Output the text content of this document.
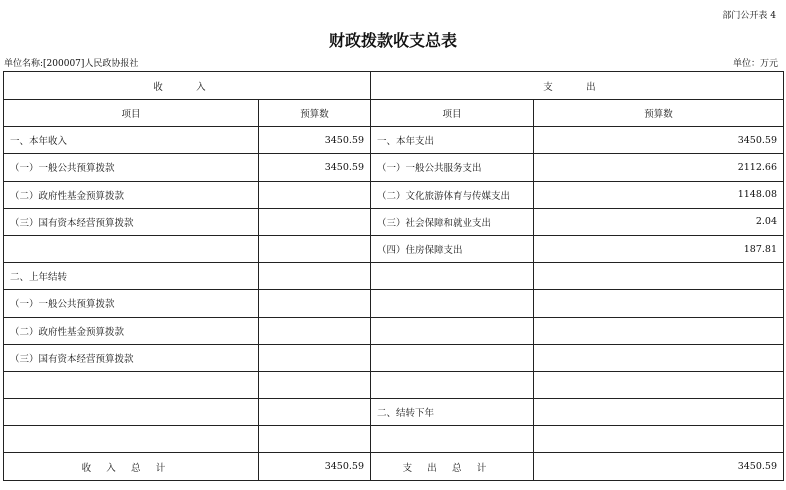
部门公开表 4
财政拨款收支总表
单位名称:[200007]人民政协报社	单位：万元
收 入		支 出	
项目	预算数	项目	预算数
一、本年收入	3450.59	一、本年支出	3450.59
（一）一般公共预算拨款	3450.59	（一）一般公共服务支出	2112.66
（二）政府性基金预算拨款		（二）文化旅游体育与传媒支出	1148.08
（三）国有资本经营预算拨款		（三）社会保障和就业支出	2.04
		（四）住房保障支出	187.81
二、上年结转			
（一）一般公共预算拨款			
（二）政府性基金预算拨款			
（三）国有资本经营预算拨款			

		二、结转下年	

收入总计	3450.59	支出总计	3450.59
